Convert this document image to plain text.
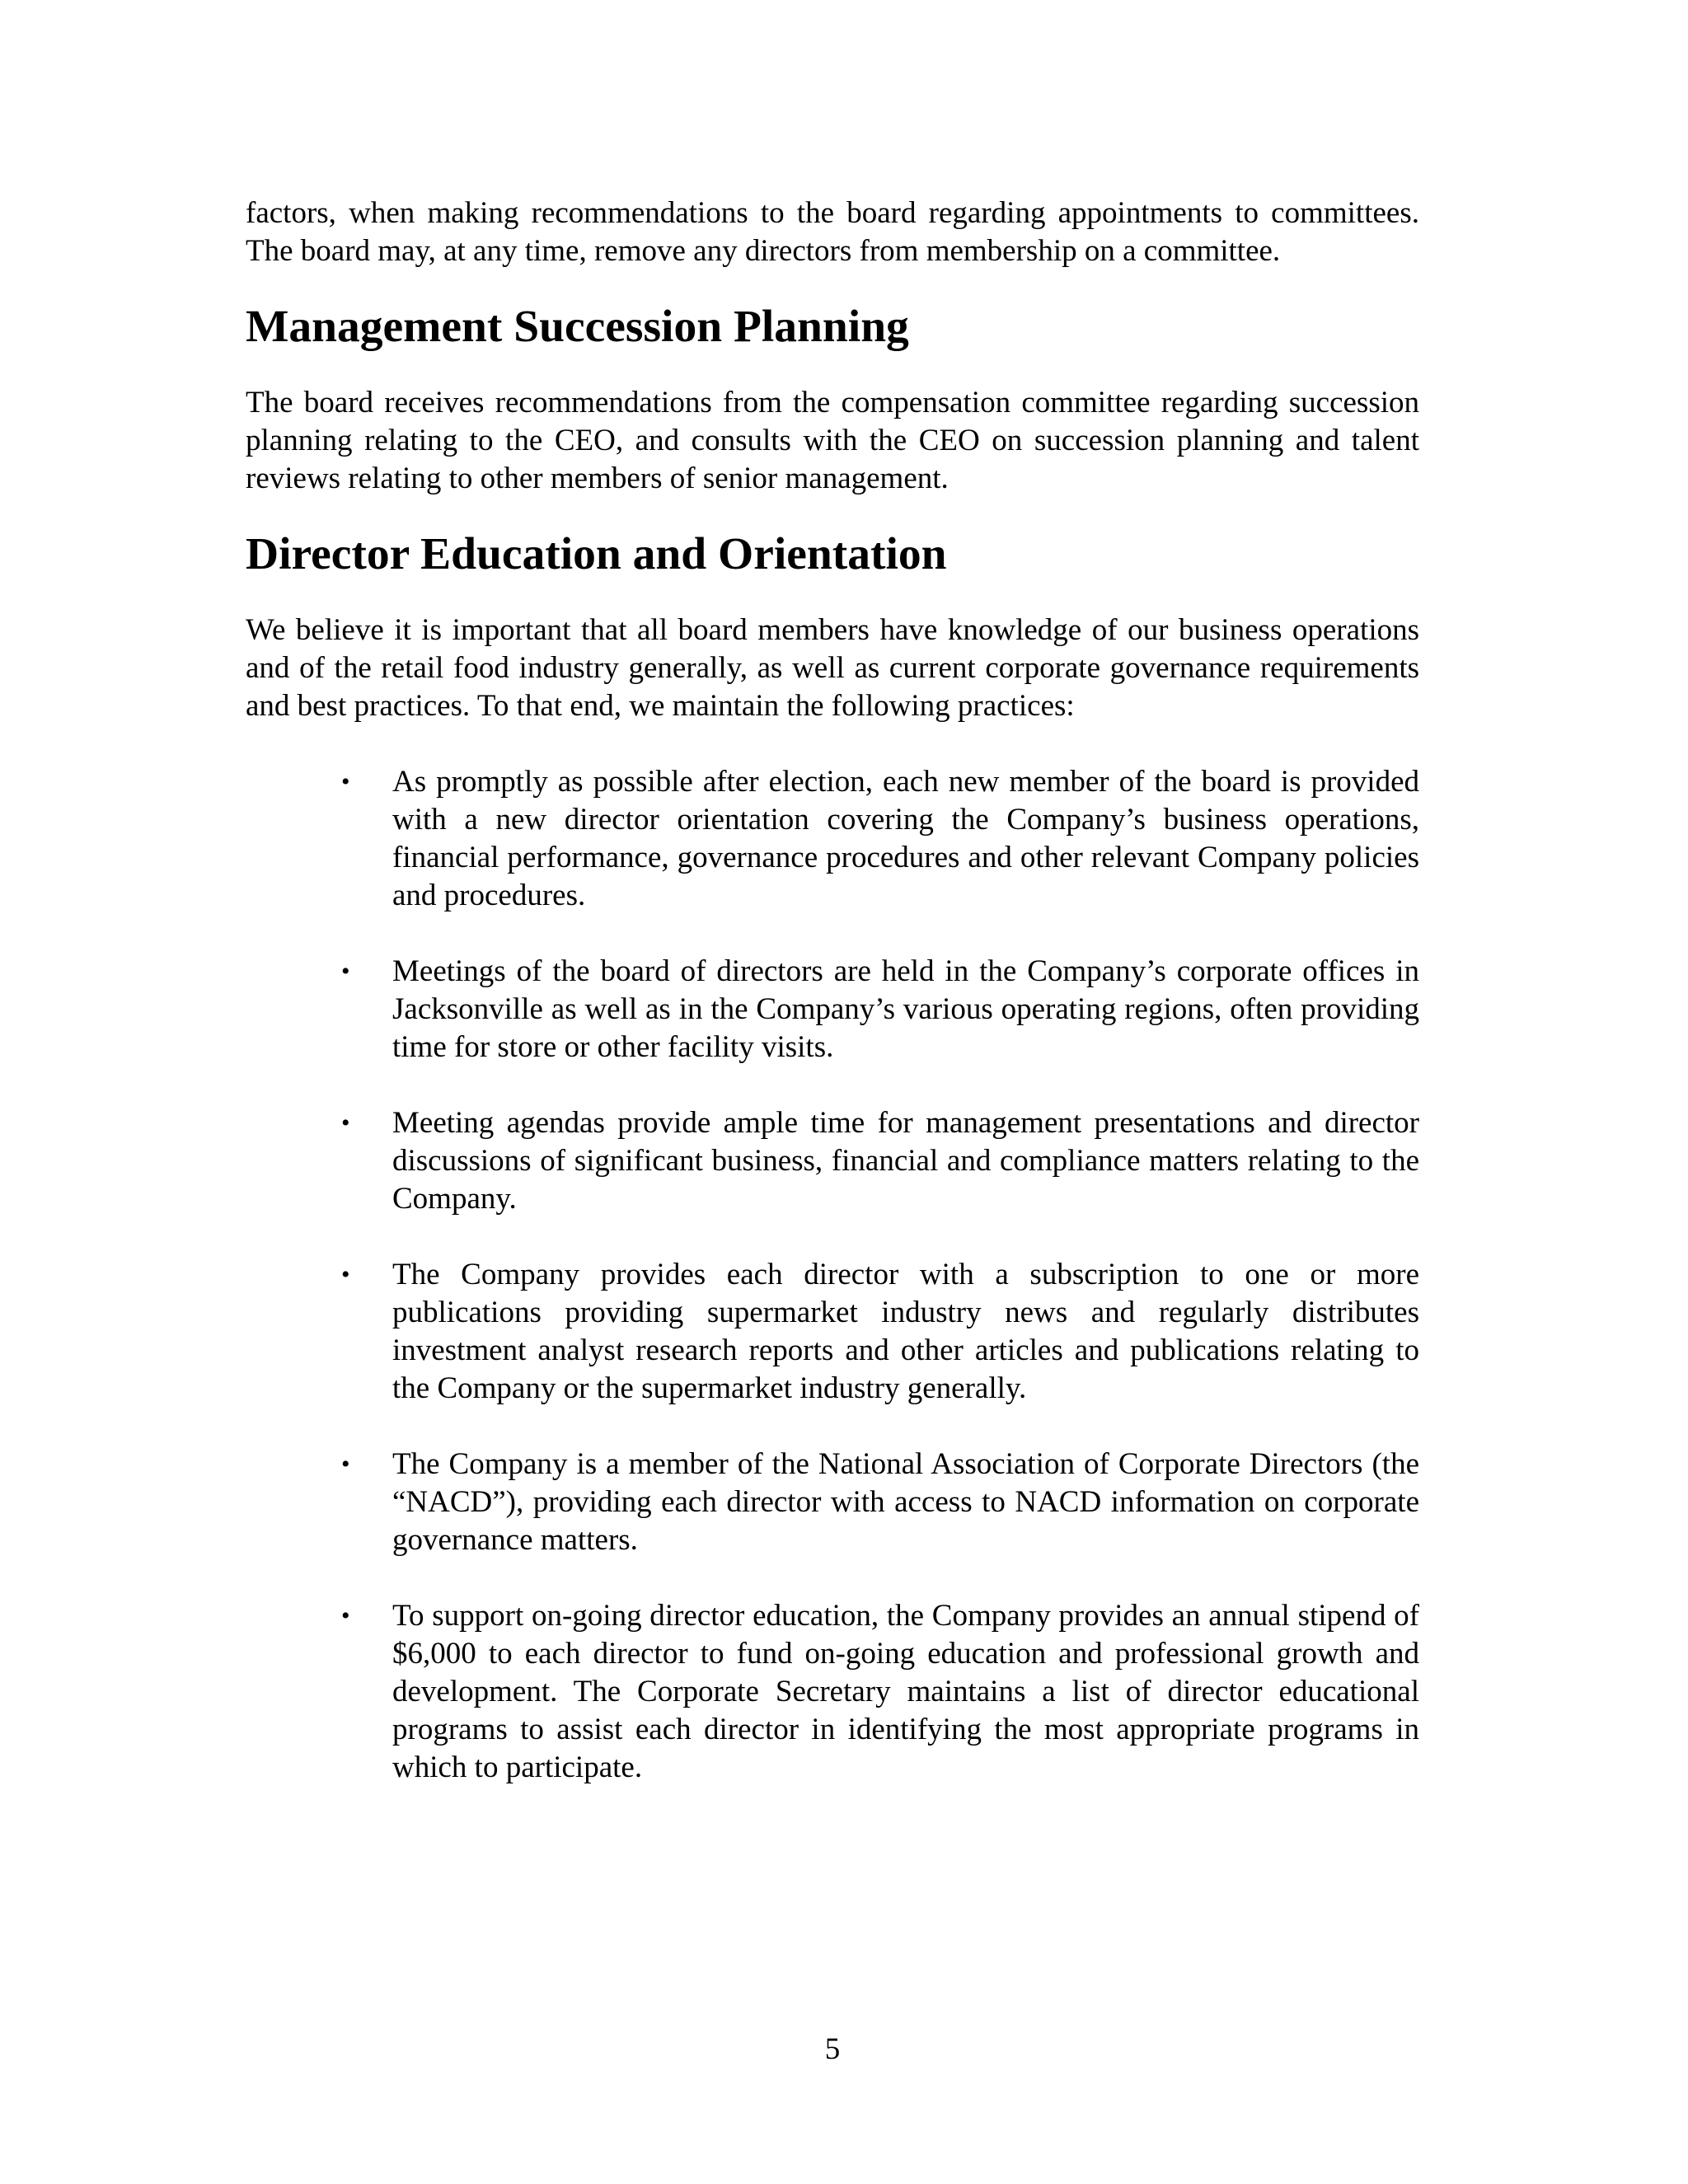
factors, when making recommendations to the board regarding appointments to committees. The board may, at any time, remove any directors from membership on a committee.

Management Succession Planning

The board receives recommendations from the compensation committee regarding succession planning relating to the CEO, and consults with the CEO on succession planning and talent reviews relating to other members of senior management.

Director Education and Orientation

We believe it is important that all board members have knowledge of our business operations and of the retail food industry generally, as well as current corporate governance requirements and best practices. To that end, we maintain the following practices:

• As promptly as possible after election, each new member of the board is provided with a new director orientation covering the Company’s business operations, financial performance, governance procedures and other relevant Company policies and procedures.
• Meetings of the board of directors are held in the Company’s corporate offices in Jacksonville as well as in the Company’s various operating regions, often providing time for store or other facility visits.
• Meeting agendas provide ample time for management presentations and director discussions of significant business, financial and compliance matters relating to the Company.
• The Company provides each director with a subscription to one or more publications providing supermarket industry news and regularly distributes investment analyst research reports and other articles and publications relating to the Company or the supermarket industry generally.
• The Company is a member of the National Association of Corporate Directors (the “NACD”), providing each director with access to NACD information on corporate governance matters.
• To support on-going director education, the Company provides an annual stipend of $6,000 to each director to fund on-going education and professional growth and development. The Corporate Secretary maintains a list of director educational programs to assist each director in identifying the most appropriate programs in which to participate.
5
